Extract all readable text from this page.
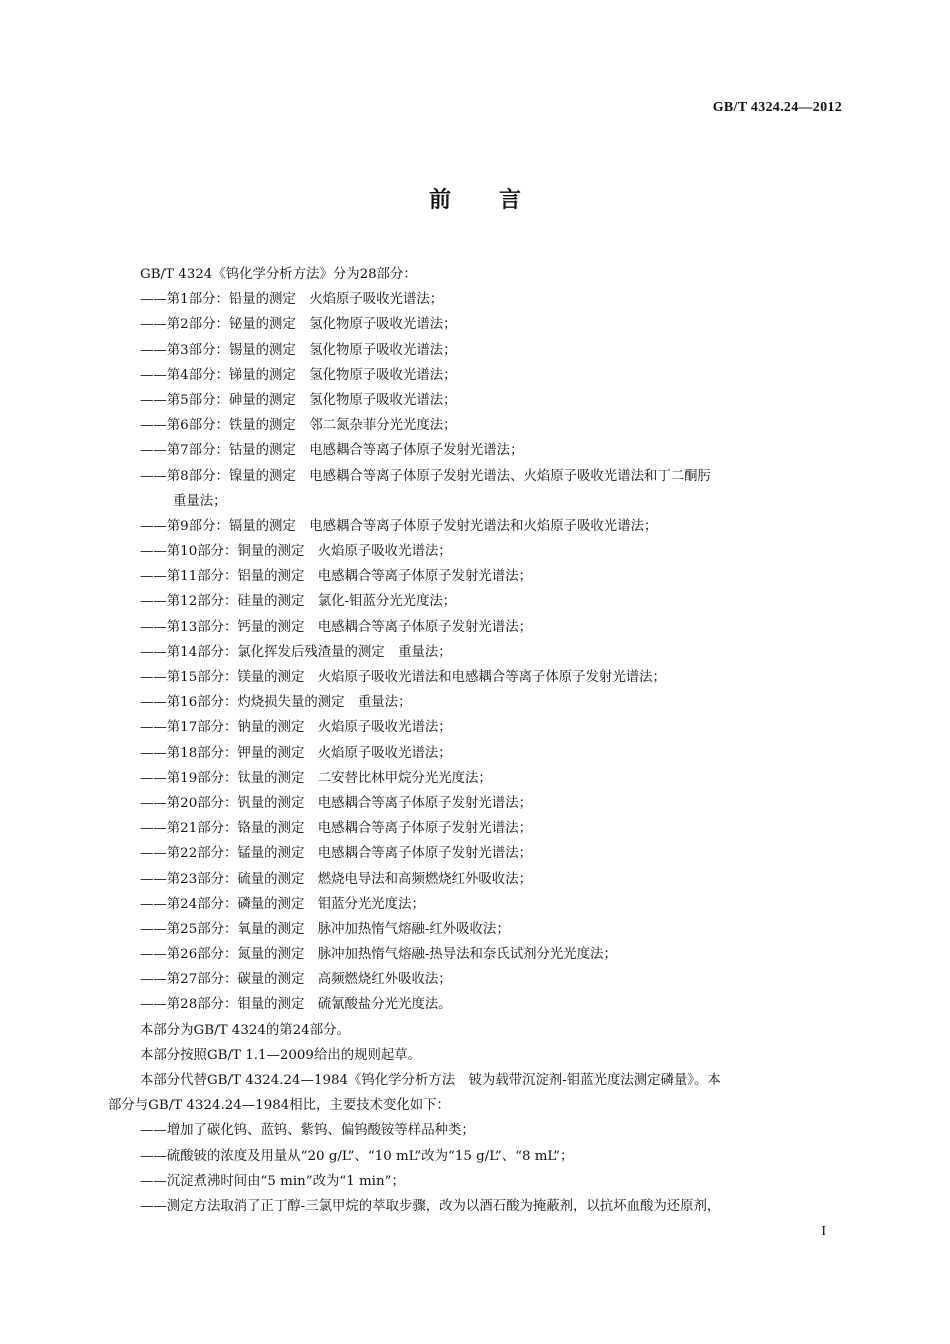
GB/T 4324.24—2012
前言
GB/T 4324《钨化学分析方法》分为28部分：
——第1部分：铅量的测定　火焰原子吸收光谱法；
——第2部分：铋量的测定　氢化物原子吸收光谱法；
——第3部分：锡量的测定　氢化物原子吸收光谱法；
——第4部分：锑量的测定　氢化物原子吸收光谱法；
——第5部分：砷量的测定　氢化物原子吸收光谱法；
——第6部分：铁量的测定　邻二氮杂菲分光光度法；
——第7部分：钴量的测定　电感耦合等离子体原子发射光谱法；
——第8部分：镍量的测定　电感耦合等离子体原子发射光谱法、火焰原子吸收光谱法和丁二酮肟
重量法；
——第9部分：镉量的测定　电感耦合等离子体原子发射光谱法和火焰原子吸收光谱法；
——第10部分：铜量的测定　火焰原子吸收光谱法；
——第11部分：铝量的测定　电感耦合等离子体原子发射光谱法；
——第12部分：硅量的测定　氯化-钼蓝分光光度法；
——第13部分：钙量的测定　电感耦合等离子体原子发射光谱法；
——第14部分：氯化挥发后残渣量的测定　重量法；
——第15部分：镁量的测定　火焰原子吸收光谱法和电感耦合等离子体原子发射光谱法；
——第16部分：灼烧损失量的测定　重量法；
——第17部分：钠量的测定　火焰原子吸收光谱法；
——第18部分：钾量的测定　火焰原子吸收光谱法；
——第19部分：钛量的测定　二安替比林甲烷分光光度法；
——第20部分：钒量的测定　电感耦合等离子体原子发射光谱法；
——第21部分：铬量的测定　电感耦合等离子体原子发射光谱法；
——第22部分：锰量的测定　电感耦合等离子体原子发射光谱法；
——第23部分：硫量的测定　燃烧电导法和高频燃烧红外吸收法；
——第24部分：磷量的测定　钼蓝分光光度法；
——第25部分：氧量的测定　脉冲加热惰气熔融-红外吸收法；
——第26部分：氮量的测定　脉冲加热惰气熔融-热导法和奈氏试剂分光光度法；
——第27部分：碳量的测定　高频燃烧红外吸收法；
——第28部分：钼量的测定　硫氰酸盐分光光度法。
本部分为GB/T 4324的第24部分。
本部分按照GB/T 1.1—2009给出的规则起草。
本部分代替GB/T 4324.24—1984《钨化学分析方法　铍为载带沉淀剂-钼蓝光度法测定磷量》。本
部分与GB/T 4324.24—1984相比，主要技术变化如下：
——增加了碳化钨、蓝钨、紫钨、偏钨酸铵等样品种类；
——硫酸铍的浓度及用量从“20 g/L”、“10 mL”改为“15 g/L”、“8 mL”；
——沉淀煮沸时间由“5 min”改为“1 min”；
——测定方法取消了正丁醇-三氯甲烷的萃取步骤，改为以酒石酸为掩蔽剂，以抗坏血酸为还原剂，
I
